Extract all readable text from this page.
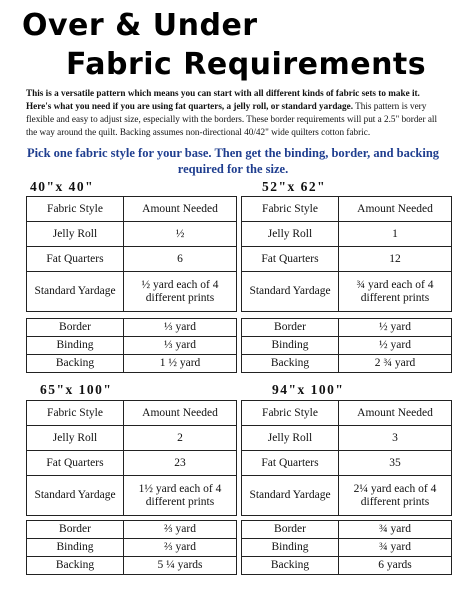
Over & Under
Fabric Requirements
This is a versatile pattern which means you can start with all different kinds of fabric sets to make it. Here's what you need if you are using fat quarters, a jelly roll, or standard yardage. This pattern is very flexible and easy to adjust size, especially with the borders. These border requirements will put a 2.5" border all the way around the quilt. Backing assumes non-directional 40/42" wide quilters cotton fabric.
Pick one fabric style for your base. Then get the binding, border, and backing required for the size.
40"x 40"
Fabric Style	Amount Needed
Jelly Roll	½
Fat Quarters	6
Standard Yardage	½ yard each of 4 different prints
Border	⅓ yard
Binding	⅓ yard
Backing	1 ½ yard
52"x 62"
Fabric Style	Amount Needed
Jelly Roll	1
Fat Quarters	12
Standard Yardage	¾ yard each of 4 different prints
Border	½ yard
Binding	½ yard
Backing	2 ¾ yard
65"x 100"
Fabric Style	Amount Needed
Jelly Roll	2
Fat Quarters	23
Standard Yardage	1½ yard each of 4 different prints
Border	⅔ yard
Binding	⅔ yard
Backing	5 ¼ yards
94"x 100"
Fabric Style	Amount Needed
Jelly Roll	3
Fat Quarters	35
Standard Yardage	2¼ yard each of 4 different prints
Border	¾ yard
Binding	¾ yard
Backing	6 yards
